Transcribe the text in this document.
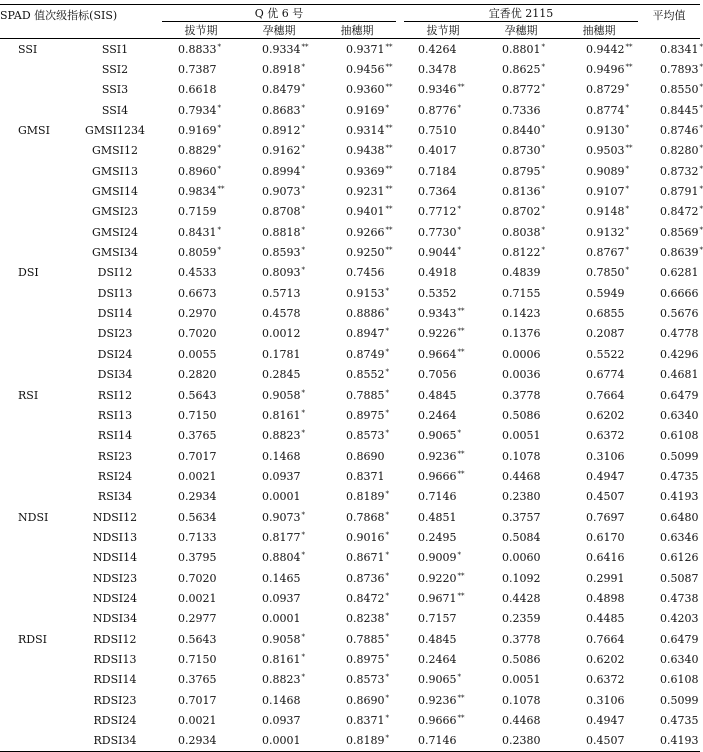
SPAD 值次级指标(SIS)		Q 优 6 号				宜香优 2115			平均值
		拔节期	孕穗期	抽穗期		拔节期	孕穗期	抽穗期	
SSI	SSI1	0.8833*	0.9334**	0.9371**		0.4264	0.8801*	0.9442**	0.8341*
	SSI2	0.7387	0.8918*	0.9456**		0.3478	0.8625*	0.9496**	0.7893*
	SSI3	0.6618	0.8479*	0.9360**		0.9346**	0.8772*	0.8729*	0.8550*
	SSI4	0.7934*	0.8683*	0.9169*		0.8776*	0.7336	0.8774*	0.8445*
GMSI	GMSI1234	0.9169*	0.8912*	0.9314**		0.7510	0.8440*	0.9130*	0.8746*
	GMSI12	0.8829*	0.9162*	0.9438**		0.4017	0.8730*	0.9503**	0.8280*
	GMSI13	0.8960*	0.8994*	0.9369**		0.7184	0.8795*	0.9089*	0.8732*
	GMSI14	0.9834**	0.9073*	0.9231**		0.7364	0.8136*	0.9107*	0.8791*
	GMSI23	0.7159	0.8708*	0.9401**		0.7712*	0.8702*	0.9148*	0.8472*
	GMSI24	0.8431*	0.8818*	0.9266**		0.7730*	0.8038*	0.9132*	0.8569*
	GMSI34	0.8059*	0.8593*	0.9250**		0.9044*	0.8122*	0.8767*	0.8639*
DSI	DSI12	0.4533	0.8093*	0.7456		0.4918	0.4839	0.7850*	0.6281
	DSI13	0.6673	0.5713	0.9153*		0.5352	0.7155	0.5949	0.6666
	DSI14	0.2970	0.4578	0.8886*		0.9343**	0.1423	0.6855	0.5676
	DSI23	0.7020	0.0012	0.8947*		0.9226**	0.1376	0.2087	0.4778
	DSI24	0.0055	0.1781	0.8749*		0.9664**	0.0006	0.5522	0.4296
	DSI34	0.2820	0.2845	0.8552*		0.7056	0.0036	0.6774	0.4681
RSI	RSI12	0.5643	0.9058*	0.7885*		0.4845	0.3778	0.7664	0.6479
	RSI13	0.7150	0.8161*	0.8975*		0.2464	0.5086	0.6202	0.6340
	RSI14	0.3765	0.8823*	0.8573*		0.9065*	0.0051	0.6372	0.6108
	RSI23	0.7017	0.1468	0.8690		0.9236**	0.1078	0.3106	0.5099
	RSI24	0.0021	0.0937	0.8371		0.9666**	0.4468	0.4947	0.4735
	RSI34	0.2934	0.0001	0.8189*		0.7146	0.2380	0.4507	0.4193
NDSI	NDSI12	0.5634	0.9073*	0.7868*		0.4851	0.3757	0.7697	0.6480
	NDSI13	0.7133	0.8177*	0.9016*		0.2495	0.5084	0.6170	0.6346
	NDSI14	0.3795	0.8804*	0.8671*		0.9009*	0.0060	0.6416	0.6126
	NDSI23	0.7020	0.1465	0.8736*		0.9220**	0.1092	0.2991	0.5087
	NDSI24	0.0021	0.0937	0.8472*		0.9671**	0.4428	0.4898	0.4738
	NDSI34	0.2977	0.0001	0.8238*		0.7157	0.2359	0.4485	0.4203
RDSI	RDSI12	0.5643	0.9058*	0.7885*		0.4845	0.3778	0.7664	0.6479
	RDSI13	0.7150	0.8161*	0.8975*		0.2464	0.5086	0.6202	0.6340
	RDSI14	0.3765	0.8823*	0.8573*		0.9065*	0.0051	0.6372	0.6108
	RDSI23	0.7017	0.1468	0.8690*		0.9236**	0.1078	0.3106	0.5099
	RDSI24	0.0021	0.0937	0.8371*		0.9666**	0.4468	0.4947	0.4735
	RDSI34	0.2934	0.0001	0.8189*		0.7146	0.2380	0.4507	0.4193
